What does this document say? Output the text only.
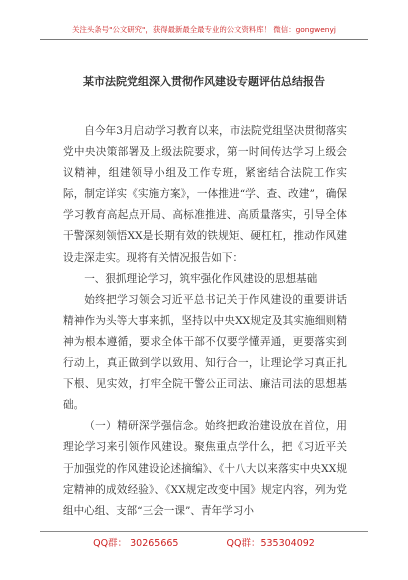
关注头条号"公文研究"，获得最新最全最专业的公文资料库！ 微信：gongwenyj
某市法院党组深入贯彻作风建设专题评估总结报告

自今年3月启动学习教育以来，市法院党组坚决贯彻落实党中央决策部署及上级法院要求，第一时间传达学习上级会议精神，组建领导小组及工作专班，紧密结合法院工作实际，制定详实《实施方案》，一体推进“学、查、改建”，确保学习教育高起点开局、高标准推进、高质量落实，引导全体干警深刻领悟XX是长期有效的铁规矩、硬杠杠，推动作风建设走深走实。现将有关情况报告如下：

一、狠抓理论学习，筑牢强化作风建设的思想基础

始终把学习领会习近平总书记关于作风建设的重要讲话精神作为头等大事来抓，坚持以中央XX规定及其实施细则精神为根本遵循，要求全体干部不仅要学懂弄通，更要落实到行动上，真正做到学以致用、知行合一，让理论学习真正扎下根、见实效，打牢全院干警公正司法、廉洁司法的思想基础。

（一）精研深学强信念。始终把政治建设放在首位，用理论学习来引领作风建设。聚焦重点学什么，把《习近平关于加强党的作风建设论述摘编》、《十八大以来落实中央XX规定精神的成效经验》、《XX规定改变中国》规定内容，列为党组中心组、支部“三会一课”、青年学习小

QQ群： 30265665	QQ群：535304092
